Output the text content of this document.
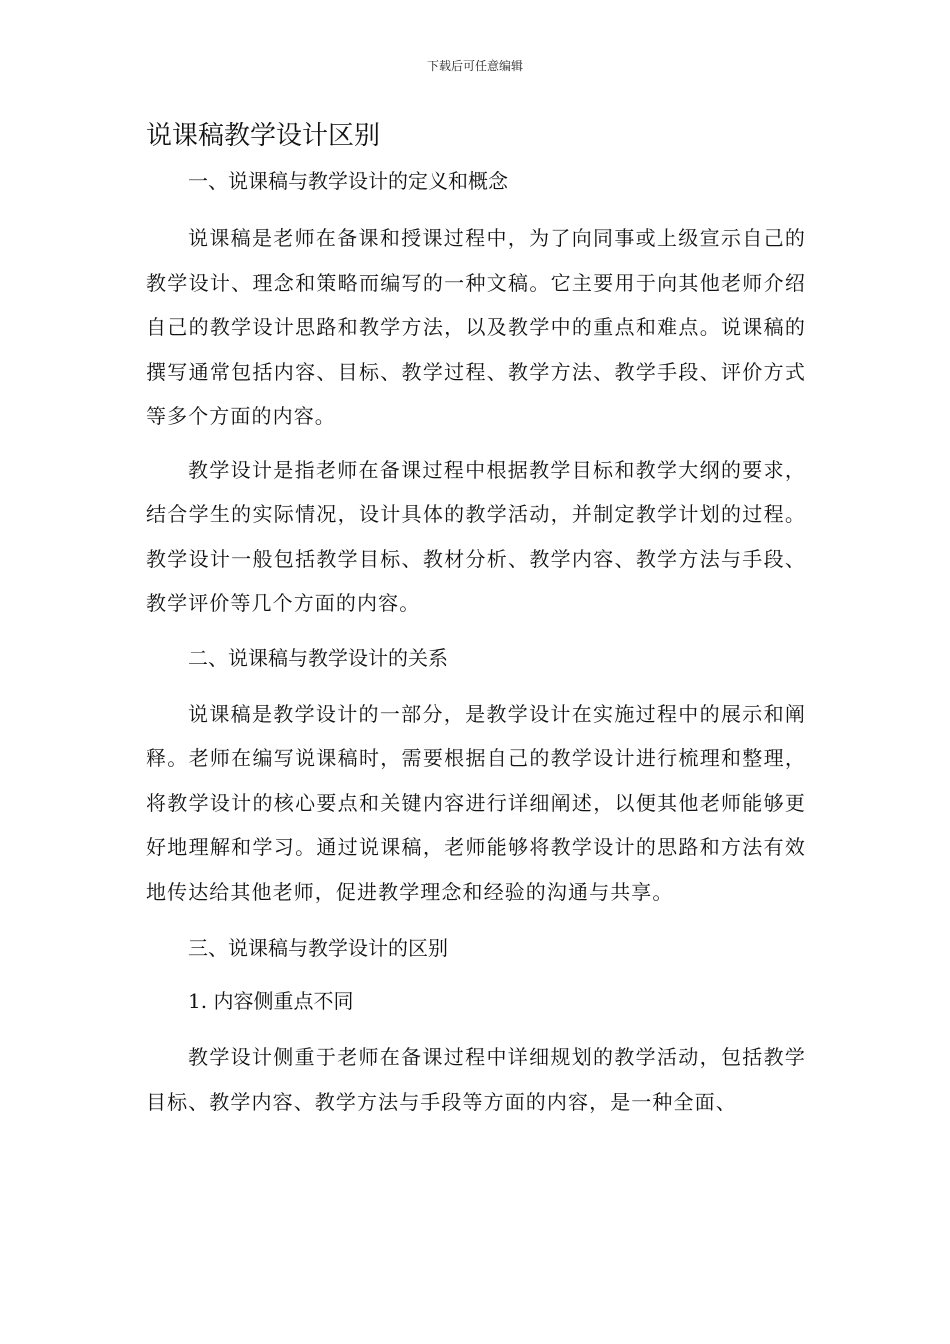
下载后可任意编辑
说课稿教学设计区别

一、说课稿与教学设计的定义和概念

说课稿是老师在备课和授课过程中，为了向同事或上级宣示自己的教学设计、理念和策略而编写的一种文稿。它主要用于向其他老师介绍自己的教学设计思路和教学方法，以及教学中的重点和难点。说课稿的撰写通常包括内容、目标、教学过程、教学方法、教学手段、评价方式等多个方面的内容。

教学设计是指老师在备课过程中根据教学目标和教学大纲的要求，结合学生的实际情况，设计具体的教学活动，并制定教学计划的过程。教学设计一般包括教学目标、教材分析、教学内容、教学方法与手段、教学评价等几个方面的内容。

二、说课稿与教学设计的关系

说课稿是教学设计的一部分，是教学设计在实施过程中的展示和阐释。老师在编写说课稿时，需要根据自己的教学设计进行梳理和整理，将教学设计的核心要点和关键内容进行详细阐述，以便其他老师能够更好地理解和学习。通过说课稿，老师能够将教学设计的思路和方法有效地传达给其他老师，促进教学理念和经验的沟通与共享。

三、说课稿与教学设计的区别

1. 内容侧重点不同

教学设计侧重于老师在备课过程中详细规划的教学活动，包括教学目标、教学内容、教学方法与手段等方面的内容，是一种全面、
